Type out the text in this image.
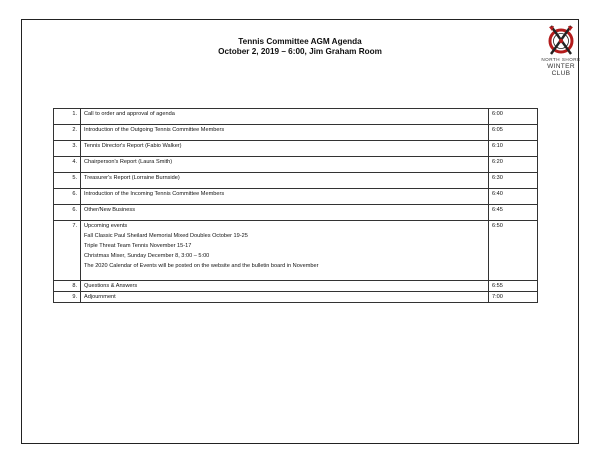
Tennis Committee AGM Agenda
October 2, 2019 – 6:00, Jim Graham Room
NORTH SHORE
WINTER CLUB
1.	Call to order and approval of agenda	6:00
2.	Introduction of the Outgoing Tennis Committee Members	6:05
3.	Tennis Director's Report (Fabio Walker)	6:10
4.	Chairperson's Report (Laura Smith)	6:20
5.	Treasurer's Report (Lorraine Burnside)	6:30
6.	Introduction of the Incoming Tennis Committee Members	6:40
6.	Other/New Business	6:45
7.	Upcoming events
Fall Classic Paul Sheilard Memorial Mixed Doubles October 19-25
Triple Threat Team Tennis November 15-17
Christmas Mixer, Sunday December 8, 3:00 – 5:00
The 2020 Calendar of Events will be posted on the website and the bulletin board in November	6:50
8.	Questions & Answers	6:55
9.	Adjournment	7:00
